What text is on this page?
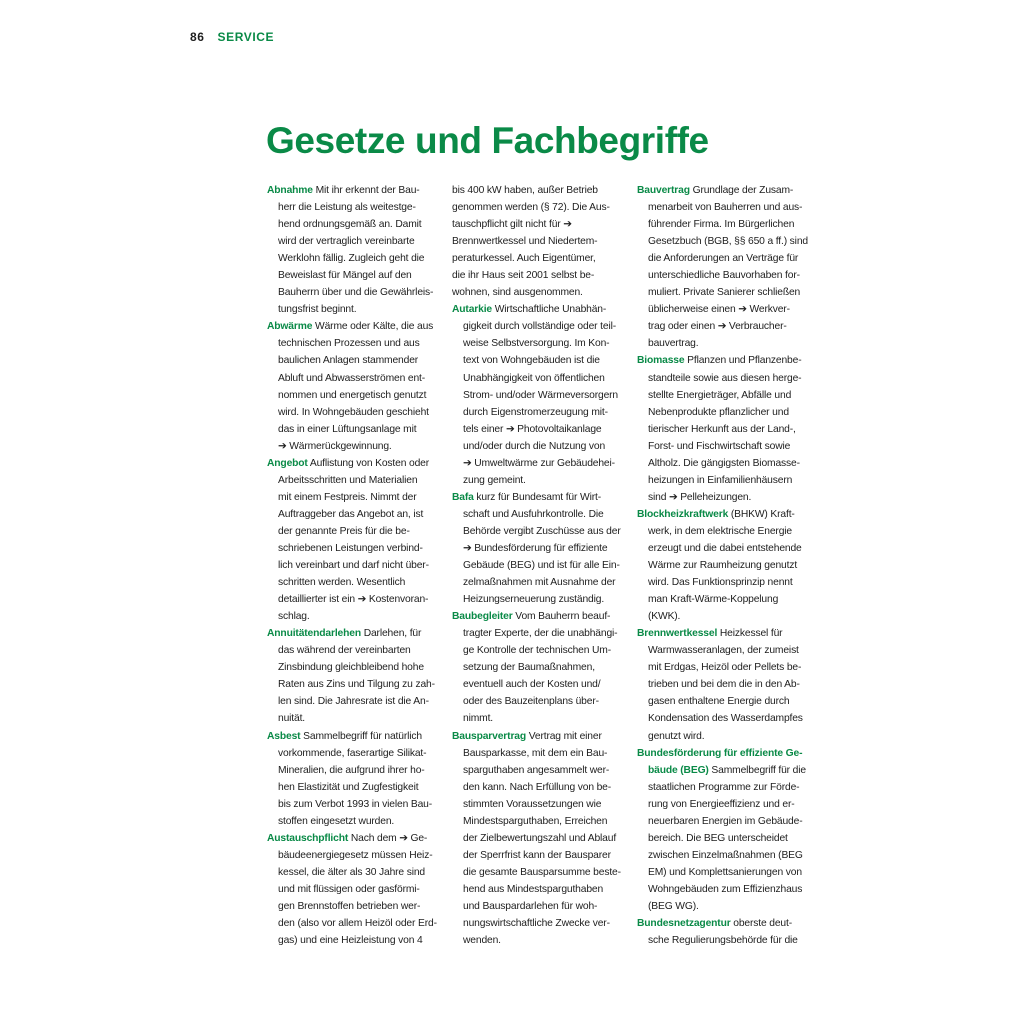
86 SERVICE
Gesetze und Fachbegriffe
Abnahme Mit ihr erkennt der Bau-
herr die Leistung als weitestge-
hend ordnungsgemäß an. Damit
wird der vertraglich vereinbarte
Werklohn fällig. Zugleich geht die
Beweislast für Mängel auf den
Bauherrn über und die Gewährleis-
tungsfrist beginnt.
Abwärme Wärme oder Kälte, die aus
technischen Prozessen und aus
baulichen Anlagen stammender
Abluft und Abwasserströmen ent-
nommen und energetisch genutzt
wird. In Wohngebäuden geschieht
das in einer Lüftungsanlage mit
➔ Wärmerückgewinnung.
Angebot Auflistung von Kosten oder
Arbeitsschritten und Materialien
mit einem Festpreis. Nimmt der
Auftraggeber das Angebot an, ist
der genannte Preis für die be-
schriebenen Leistungen verbind-
lich vereinbart und darf nicht über-
schritten werden. Wesentlich
detaillierter ist ein ➔ Kostenvoran-
schlag.
Annuitätendarlehen Darlehen, für
das während der vereinbarten
Zinsbindung gleichbleibend hohe
Raten aus Zins und Tilgung zu zah-
len sind. Die Jahresrate ist die An-
nuität.
Asbest Sammelbegriff für natürlich
vorkommende, faserartige Silikat-
Mineralien, die aufgrund ihrer ho-
hen Elastizität und Zugfestigkeit
bis zum Verbot 1993 in vielen Bau-
stoffen eingesetzt wurden.
Austauschpflicht Nach dem ➔ Ge-
bäudeenergiegesetz müssen Heiz-
kessel, die älter als 30 Jahre sind
und mit flüssigen oder gasförmi-
gen Brennstoffen betrieben wer-
den (also vor allem Heizöl oder Erd-
gas) und eine Heizleistung von 4
bis 400 kW haben, außer Betrieb
genommen werden (§ 72). Die Aus-
tauschpflicht gilt nicht für ➔
Brennwertkessel und Niedertem-
peraturkessel. Auch Eigentümer,
die ihr Haus seit 2001 selbst be-
wohnen, sind ausgenommen.
Autarkie Wirtschaftliche Unabhän-
gigkeit durch vollständige oder teil-
weise Selbstversorgung. Im Kon-
text von Wohngebäuden ist die
Unabhängigkeit von öffentlichen
Strom- und/oder Wärmeversorgern
durch Eigenstromerzeugung mit-
tels einer ➔ Photovoltaikanlage
und/oder durch die Nutzung von
➔ Umweltwärme zur Gebäudehei-
zung gemeint.
Bafa kurz für Bundesamt für Wirt-
schaft und Ausfuhrkontrolle. Die
Behörde vergibt Zuschüsse aus der
➔ Bundesförderung für effiziente
Gebäude (BEG) und ist für alle Ein-
zelmaßnahmen mit Ausnahme der
Heizungserneuerung zuständig.
Baubegleiter Vom Bauherrn beauf-
tragter Experte, der die unabhängi-
ge Kontrolle der technischen Um-
setzung der Baumaßnahmen,
eventuell auch der Kosten und/
oder des Bauzeitenplans über-
nimmt.
Bausparvertrag Vertrag mit einer
Bausparkasse, mit dem ein Bau-
sparguthaben angesammelt wer-
den kann. Nach Erfüllung von be-
stimmten Voraussetzungen wie
Mindestsparguthaben, Erreichen
der Zielbewertungszahl und Ablauf
der Sperrfrist kann der Bausparer
die gesamte Bausparsumme beste-
hend aus Mindestsparguthaben
und Bauspardarlehen für woh-
nungswirtschaftliche Zwecke ver-
wenden.
Bauvertrag Grundlage der Zusam-
menarbeit von Bauherren und aus-
führender Firma. Im Bürgerlichen
Gesetzbuch (BGB, §§ 650 a ff.) sind
die Anforderungen an Verträge für
unterschiedliche Bauvorhaben for-
muliert. Private Sanierer schließen
üblicherweise einen ➔ Werkver-
trag oder einen ➔ Verbraucher-
bauvertrag.
Biomasse Pflanzen und Pflanzenbe-
standteile sowie aus diesen herge-
stellte Energieträger, Abfälle und
Nebenprodukte pflanzlicher und
tierischer Herkunft aus der Land-,
Forst- und Fischwirtschaft sowie
Altholz. Die gängigsten Biomasse-
heizungen in Einfamilienhäusern
sind ➔ Pelleheizungen.
Blockheizkraftwerk (BHKW) Kraft-
werk, in dem elektrische Energie
erzeugt und die dabei entstehende
Wärme zur Raumheizung genutzt
wird. Das Funktionsprinzip nennt
man Kraft-Wärme-Koppelung
(KWK).
Brennwertkessel Heizkessel für
Warmwasseranlagen, der zumeist
mit Erdgas, Heizöl oder Pellets be-
trieben und bei dem die in den Ab-
gasen enthaltene Energie durch
Kondensation des Wasserdampfes
genutzt wird.
Bundesförderung für effiziente Ge-
bäude (BEG) Sammelbegriff für die
staatlichen Programme zur Förde-
rung von Energieeffizienz und er-
neuerbaren Energien im Gebäude-
bereich. Die BEG unterscheidet
zwischen Einzelmaßnahmen (BEG
EM) und Komplettsanierungen von
Wohngebäuden zum Effizienzhaus
(BEG WG).
Bundesnetzagentur oberste deut-
sche Regulierungsbehörde für die
